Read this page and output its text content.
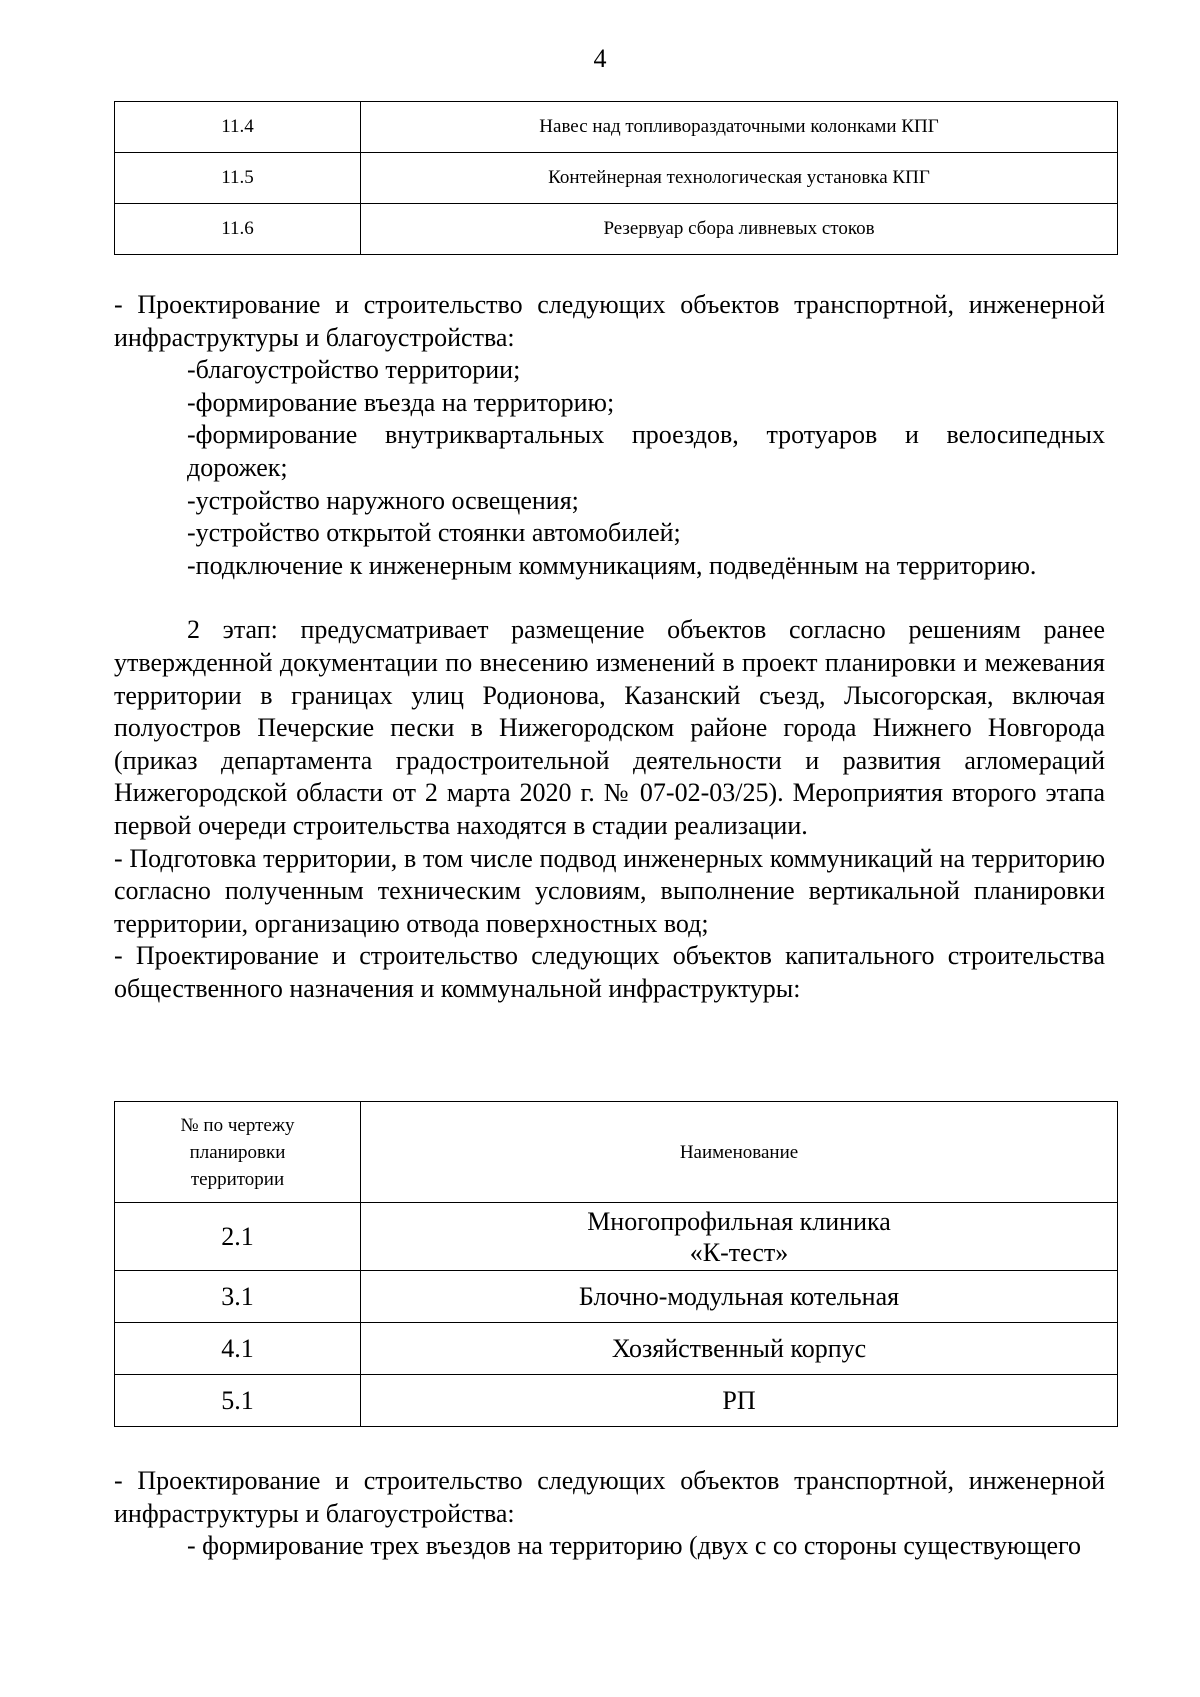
4
11.4	Навес над топливораздаточными колонками КПГ
11.5	Контейнерная технологическая установка КПГ
11.6	Резервуар сбора ливневых стоков

- Проектирование и строительство следующих объектов транспортной, инженерной инфраструктуры и благоустройства:

-благоустройство территории;

-формирование въезда на территорию;

-формирование внутриквартальных проездов, тротуаров и велосипедных дорожек;

-устройство наружного освещения;

-устройство открытой стоянки автомобилей;

-подключение к инженерным коммуникациям, подведённым на территорию.

2 этап: предусматривает размещение объектов согласно решениям ранее утвержденной документации по внесению изменений в проект планировки и межевания территории в границах улиц Родионова, Казанский съезд, Лысогорская, включая полуостров Печерские пески в Нижегородском районе города Нижнего Новгорода (приказ департамента градостроительной деятельности и развития агломераций Нижегородской области от 2 марта 2020 г. № 07-02-03/25). Мероприятия второго этапа первой очереди строительства находятся в стадии реализации.

- Подготовка территории, в том числе подвод инженерных коммуникаций на территорию согласно полученным техническим условиям, выполнение вертикальной планировки территории, организацию отвода поверхностных вод;

- Проектирование и строительство следующих объектов капитального строительства общественного назначения и коммунальной инфраструктуры:

№ по чертежу
планировки
территории	Наименование
2.1	Многопрофильная клиника
«К-тест»

3.1	Блочно-модульная котельная
4.1	Хозяйственный корпус
5.1	РП

- Проектирование и строительство следующих объектов транспортной, инженерной инфраструктуры и благоустройства:

- формирование трех въездов на территорию (двух с со стороны существующего
